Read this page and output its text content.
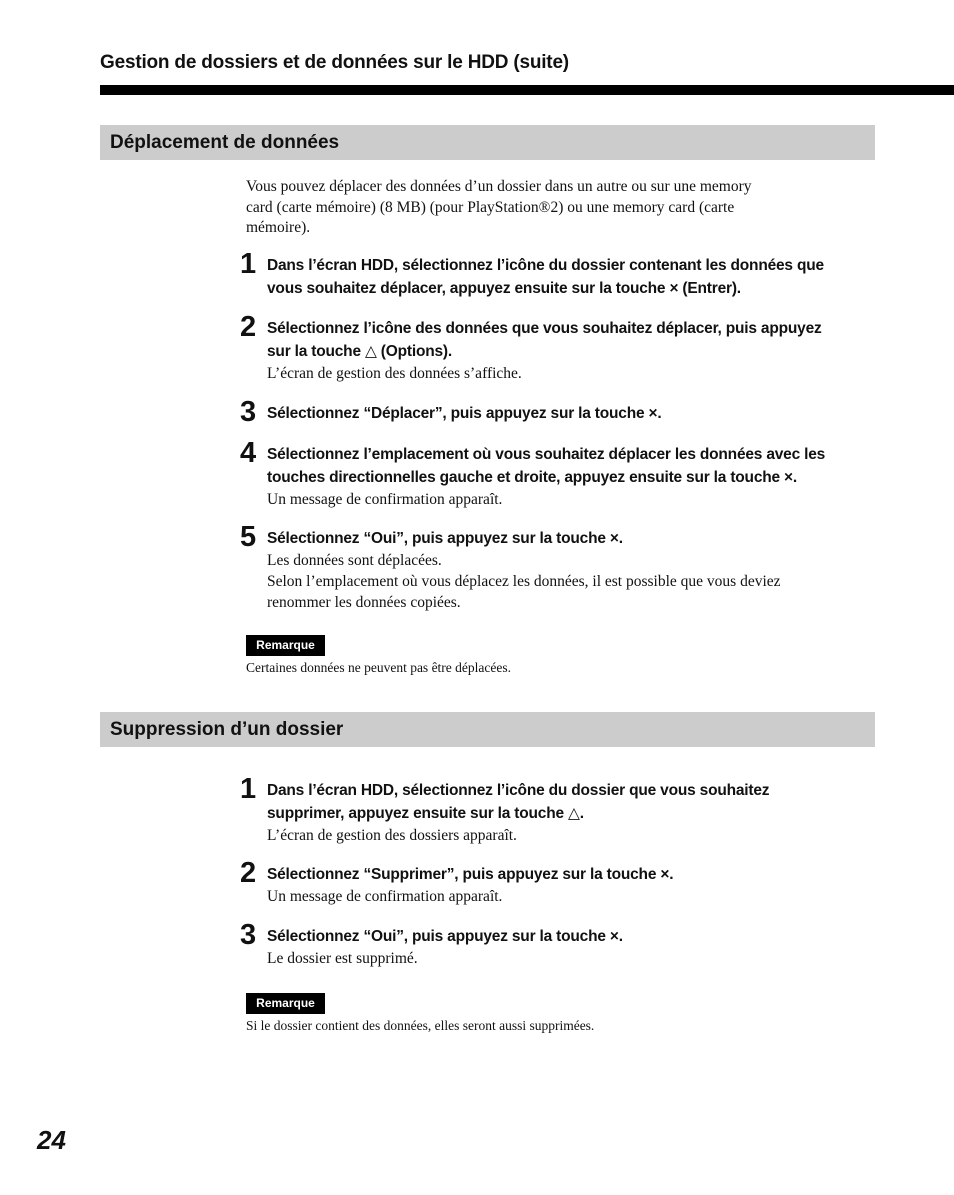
Gestion de dossiers et de données sur le HDD (suite)
Déplacement de données
Vous pouvez déplacer des données d’un dossier dans un autre ou sur une memory
card (carte mémoire) (8 MB) (pour PlayStation®2) ou une memory card (carte
mémoire).
1 Dans l’écran HDD, sélectionnez l’icône du dossier contenant les données que
vous souhaitez déplacer, appuyez ensuite sur la touche × (Entrer).
2 Sélectionnez l’icône des données que vous souhaitez déplacer, puis appuyez
sur la touche △ (Options).
L’écran de gestion des données s’affiche.
3 Sélectionnez “Déplacer”, puis appuyez sur la touche ×.
4 Sélectionnez l’emplacement où vous souhaitez déplacer les données avec les
touches directionnelles gauche et droite, appuyez ensuite sur la touche ×.
Un message de confirmation apparaît.
5 Sélectionnez “Oui”, puis appuyez sur la touche ×.
Les données sont déplacées.
Selon l’emplacement où vous déplacez les données, il est possible que vous deviez
renommer les données copiées.
Remarque
Certaines données ne peuvent pas être déplacées.
Suppression d’un dossier
1 Dans l’écran HDD, sélectionnez l’icône du dossier que vous souhaitez
supprimer, appuyez ensuite sur la touche △.
L’écran de gestion des dossiers apparaît.
2 Sélectionnez “Supprimer”, puis appuyez sur la touche ×.
Un message de confirmation apparaît.
3 Sélectionnez “Oui”, puis appuyez sur la touche ×.
Le dossier est supprimé.
Remarque
Si le dossier contient des données, elles seront aussi supprimées.
24
